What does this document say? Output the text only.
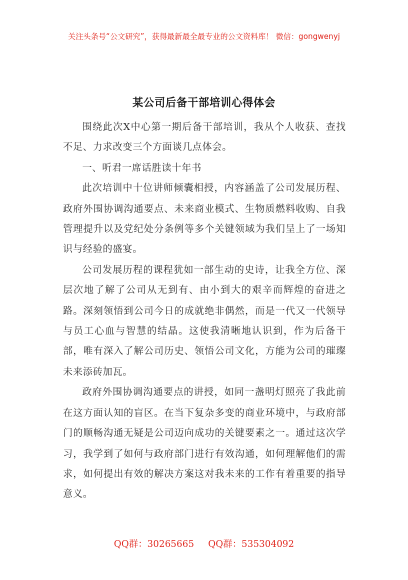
关注头条号“公文研究”，获得最新最全最专业的公文资料库！ 微信：gongwenyj
某公司后备干部培训心得体会

围绕此次X中心第一期后备干部培训，我从个人收获、查找不足、力求改变三个方面谈几点体会。

一、听君一席话胜读十年书

此次培训中十位讲师倾囊相授，内容涵盖了公司发展历程、政府外围协调沟通要点、未来商业模式、生物质燃料收购、自我管理提升以及党纪处分条例等多个关键领域为我们呈上了一场知识与经验的盛宴。

公司发展历程的课程犹如一部生动的史诗，让我全方位、深层次地了解了公司从无到有、由小到大的艰辛而辉煌的奋进之路。深刻领悟到公司今日的成就绝非偶然，而是一代又一代领导与员工心血与智慧的结晶。这使我清晰地认识到，作为后备干部，唯有深入了解公司历史、领悟公司文化，方能为公司的璀璨未来添砖加瓦。

政府外围协调沟通要点的讲授，如同一盏明灯照亮了我此前在这方面认知的盲区。在当下复杂多变的商业环境中，与政府部门的顺畅沟通无疑是公司迈向成功的关键要素之一。通过这次学习，我学到了如何与政府部门进行有效沟通，如何理解他们的需求，如何提出有效的解决方案这对我未来的工作有着重要的指导意义。

QQ群：30265665 QQ群：535304092
